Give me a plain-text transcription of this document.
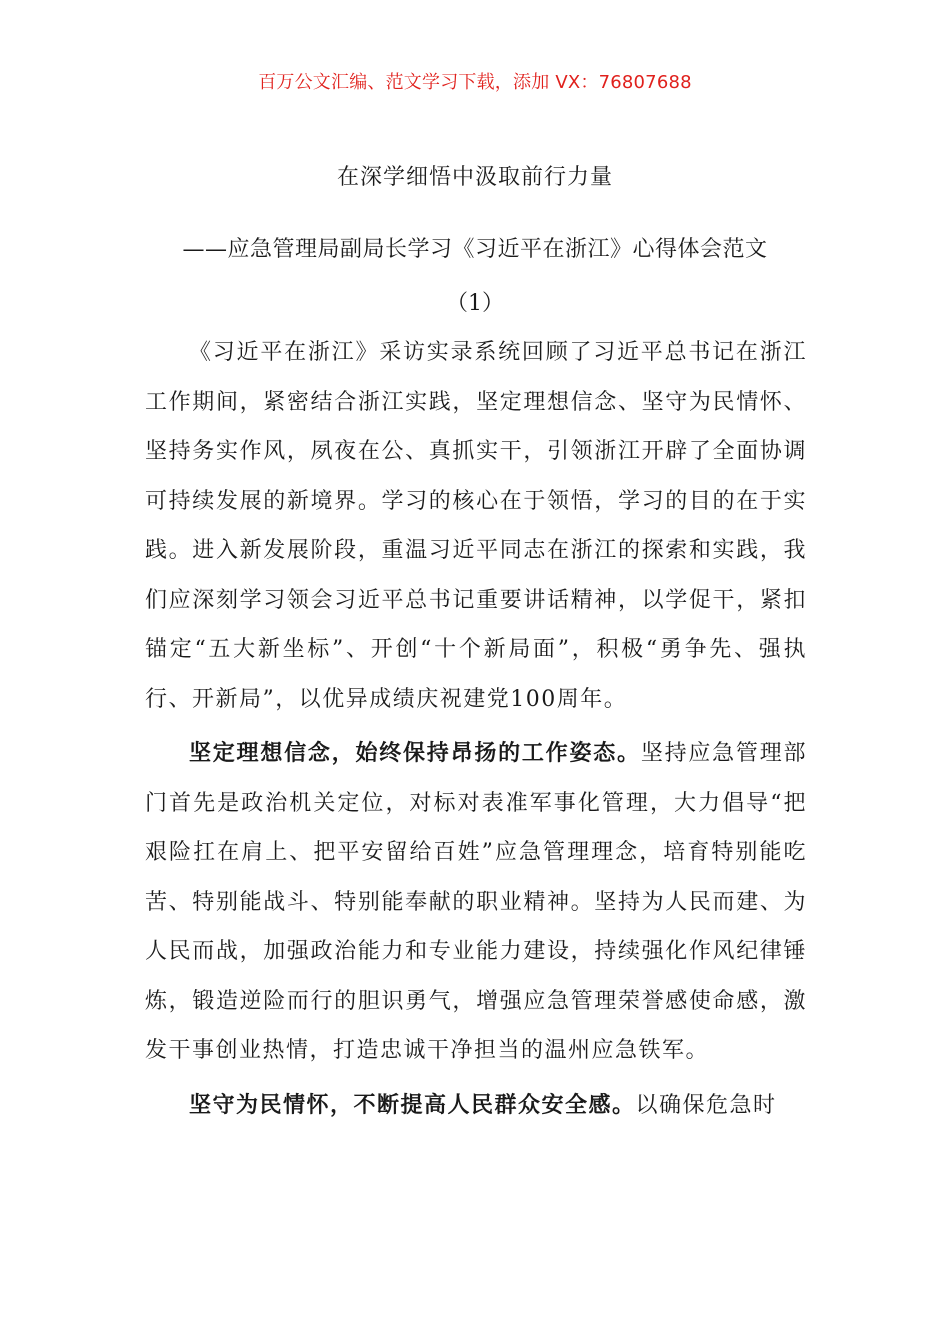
百万公文汇编、范文学习下载，添加 VX：76807688
在深学细悟中汲取前行力量
——应急管理局副局长学习《习近平在浙江》心得体会范文
（1）

《习近平在浙江》采访实录系统回顾了习近平总书记在浙江工作期间，紧密结合浙江实践，坚定理想信念、坚守为民情怀、坚持务实作风，夙夜在公、真抓实干，引领浙江开辟了全面协调可持续发展的新境界。学习的核心在于领悟，学习的目的在于实践。进入新发展阶段，重温习近平同志在浙江的探索和实践，我们应深刻学习领会习近平总书记重要讲话精神，以学促干，紧扣锚定“五大新坐标”、开创“十个新局面”，积极“勇争先、强执行、开新局”，以优异成绩庆祝建党100周年。

坚定理想信念，始终保持昂扬的工作姿态。坚持应急管理部门首先是政治机关定位，对标对表准军事化管理，大力倡导“把艰险扛在肩上、把平安留给百姓”应急管理理念，培育特别能吃苦、特别能战斗、特别能奉献的职业精神。坚持为人民而建、为人民而战，加强政治能力和专业能力建设，持续强化作风纪律锤炼，锻造逆险而行的胆识勇气，增强应急管理荣誉感使命感，激发干事创业热情，打造忠诚干净担当的温州应急铁军。

坚守为民情怀，不断提高人民群众安全感。以确保危急时
